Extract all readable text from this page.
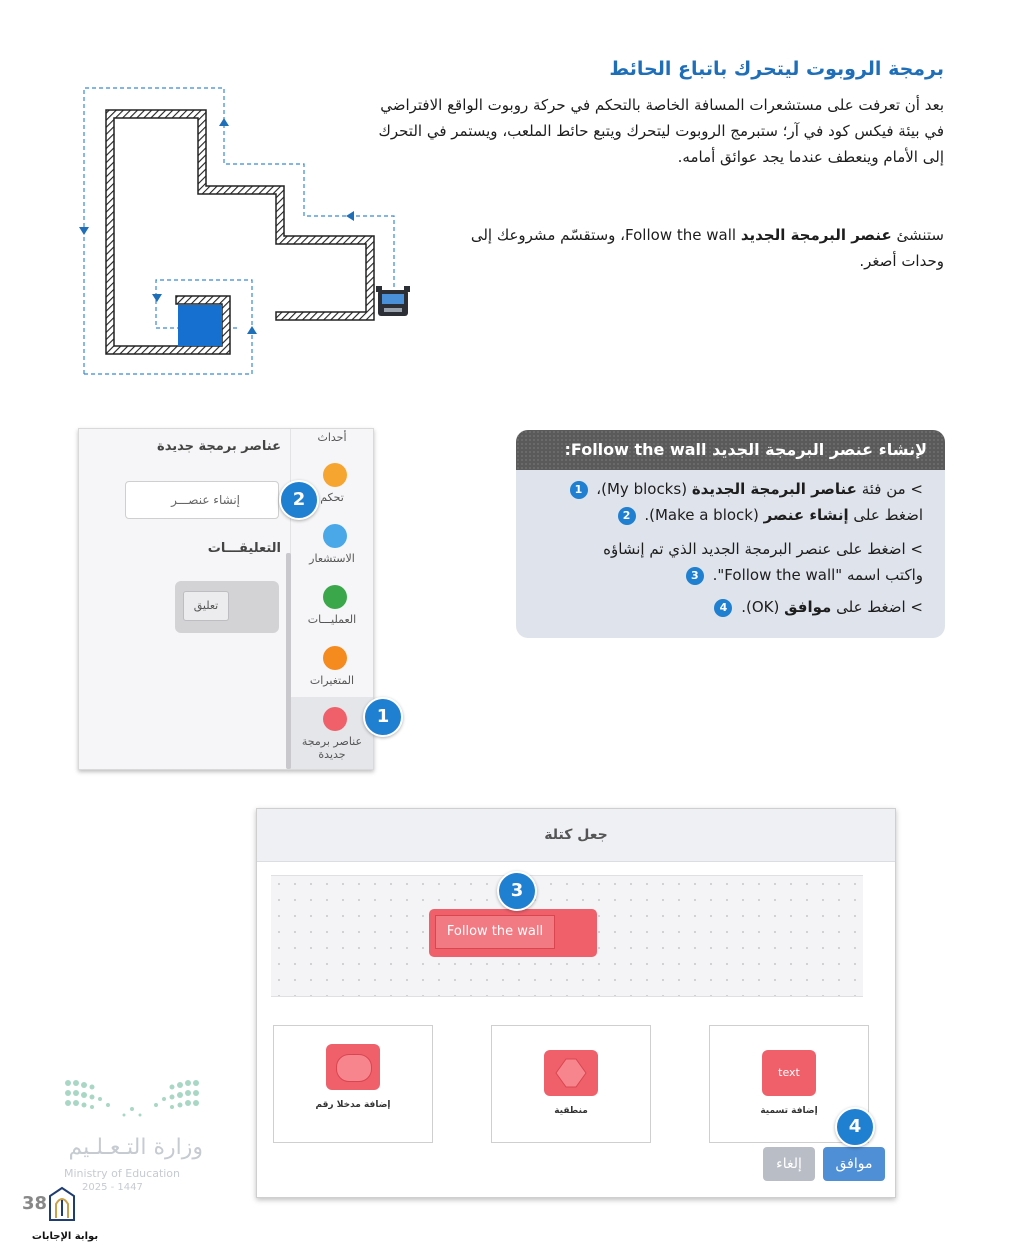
برمجة الروبوت ليتحرك باتباع الحائط
بعد أن تعرفت على مستشعرات المسافة الخاصة بالتحكم في حركة روبوت الواقع الافتراضي في بيئة فيكس كود في آر؛ ستبرمج الروبوت ليتحرك ويتبع حائط الملعب، ويستمر في التحرك إلى الأمام وينعطف عندما يجد عوائق أمامه.
ستنشئ عنصر البرمجة الجديد Follow the wall، وستقسّم مشروعك إلى وحدات أصغر.
لإنشاء عنصر البرمجة الجديد Follow the wall:
> من فئة عناصر البرمجة الجديدة (My blocks)، 1
اضغط على إنشاء عنصر (Make a block). 2
> اضغط على عنصر البرمجة الجديد الذي تم إنشاؤه
واكتب اسمه "Follow the wall". 3
> اضغط على موافق (OK). 4
أحداث
تحكم
الاستشعار
العمليـــات
المتغيرات
عناصر برمجة جديدة
عناصر برمجة جديدة
إنشاء عنصـــر
التعليقـــات
تعليق
2
1
جعل كتلة
Follow the wall
3
إضافة مدخلا رقم
منطقية
text
إضافة تسمية
إلغاء	موافق
4
وزارة التـعـلـيم
Ministry of Education
2025 - 1447
38
بوابة الإجابات
